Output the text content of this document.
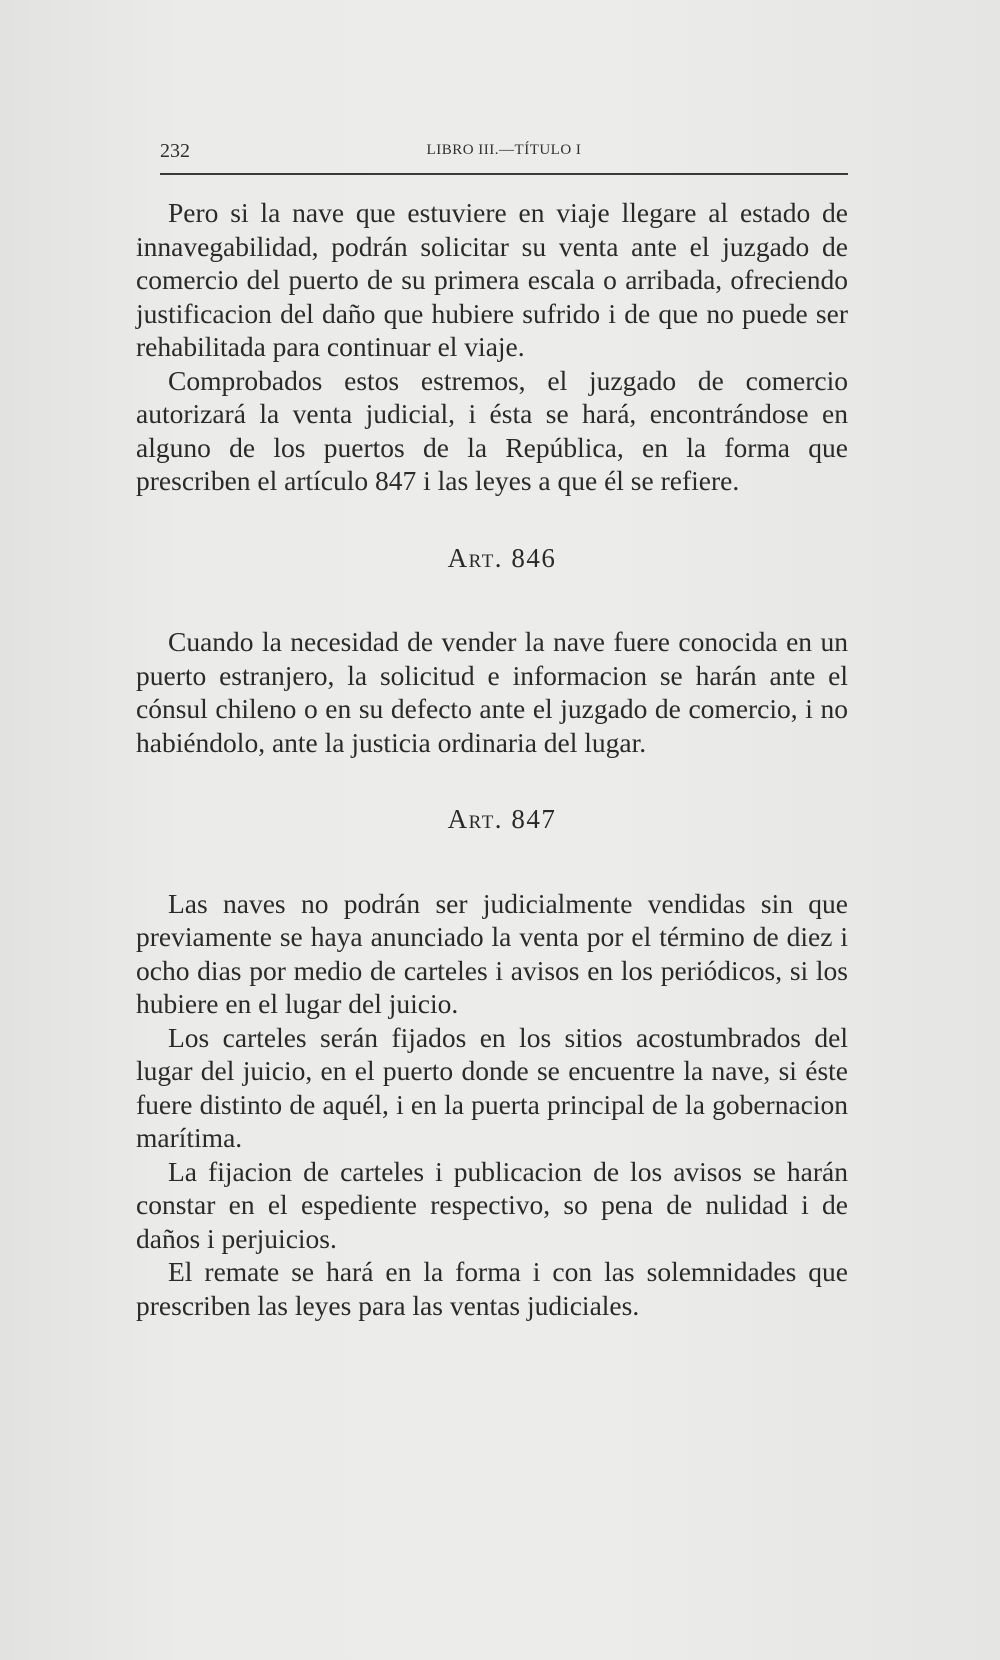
232	LIBRO III.—TÍTULO I

Pero si la nave que estuviere en viaje llegare al estado de innavegabilidad, podrán solicitar su venta ante el juzgado de comercio del puerto de su primera escala o arribada, ofreciendo justificacion del daño que hubiere sufrido i de que no puede ser rehabilitada para continuar el viaje.

Comprobados estos estremos, el juzgado de comercio autorizará la venta judicial, i ésta se hará, encontrándose en alguno de los puertos de la República, en la forma que prescriben el artículo 847 i las leyes a que él se refiere.

Art. 846

Cuando la necesidad de vender la nave fuere conocida en un puerto estranjero, la solicitud e informacion se harán ante el cónsul chileno o en su defecto ante el juzgado de comercio, i no habiéndolo, ante la justicia ordinaria del lugar.

Art. 847

Las naves no podrán ser judicialmente vendidas sin que previamente se haya anunciado la venta por el término de diez i ocho dias por medio de carteles i avisos en los periódicos, si los hubiere en el lugar del juicio.

Los carteles serán fijados en los sitios acostumbrados del lugar del juicio, en el puerto donde se encuentre la nave, si éste fuere distinto de aquél, i en la puerta principal de la gobernacion marítima.

La fijacion de carteles i publicacion de los avisos se harán constar en el espediente respectivo, so pena de nulidad i de daños i perjuicios.

El remate se hará en la forma i con las solemnidades que prescriben las leyes para las ventas judiciales.
